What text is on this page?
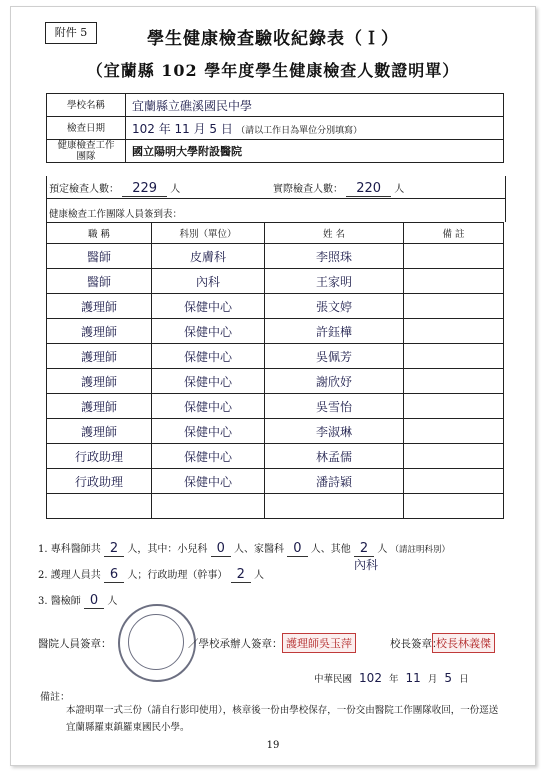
附件 5	學生健康檢查驗收紀錄表（Ｉ）
（宜蘭縣 102 學年度學生健康檢查人數證明單）
學校名稱	宜蘭縣立礁溪國民中學
檢查日期	102 年 11 月 5 日 （請以工作日為單位分別填寫）
健康檢查工作團隊	國立陽明大學附設醫院
預定檢查人數： 229 人	實際檢查人數： 220 人
健康檢查工作團隊人員簽到表：
職 稱	科別（單位）	姓 名	備 註
醫師	皮膚科	李照珠	
醫師	內科	王家明	
護理師	保健中心	張文婷	
護理師	保健中心	許鈺樺	
護理師	保健中心	吳佩芳	
護理師	保健中心	謝欣妤	
護理師	保健中心	吳雪怡	
護理師	保健中心	李淑琳	
行政助理	保健中心	林孟儒	
行政助理	保健中心	潘詩穎	

1. 專科醫師共 2 人，其中：小兒科 0 人、家醫科 0 人、其他 2 人 （請註明科別）
內科
2. 護理人員共 6 人；行政助理（幹事） 2 人
3. 醫檢師 0 人
醫院人員簽章：	／學校承辦人簽章：	校長簽章：
護理師吳玉萍	校長林義傑
中華民國 102 年 11 月 5 日
備註：
本證明單一式三份（請自行影印使用），核章後一份由學校保存，一份交由醫院工作團隊收回，一份逕送宜蘭縣羅東鎮羅東國民小學。
19
